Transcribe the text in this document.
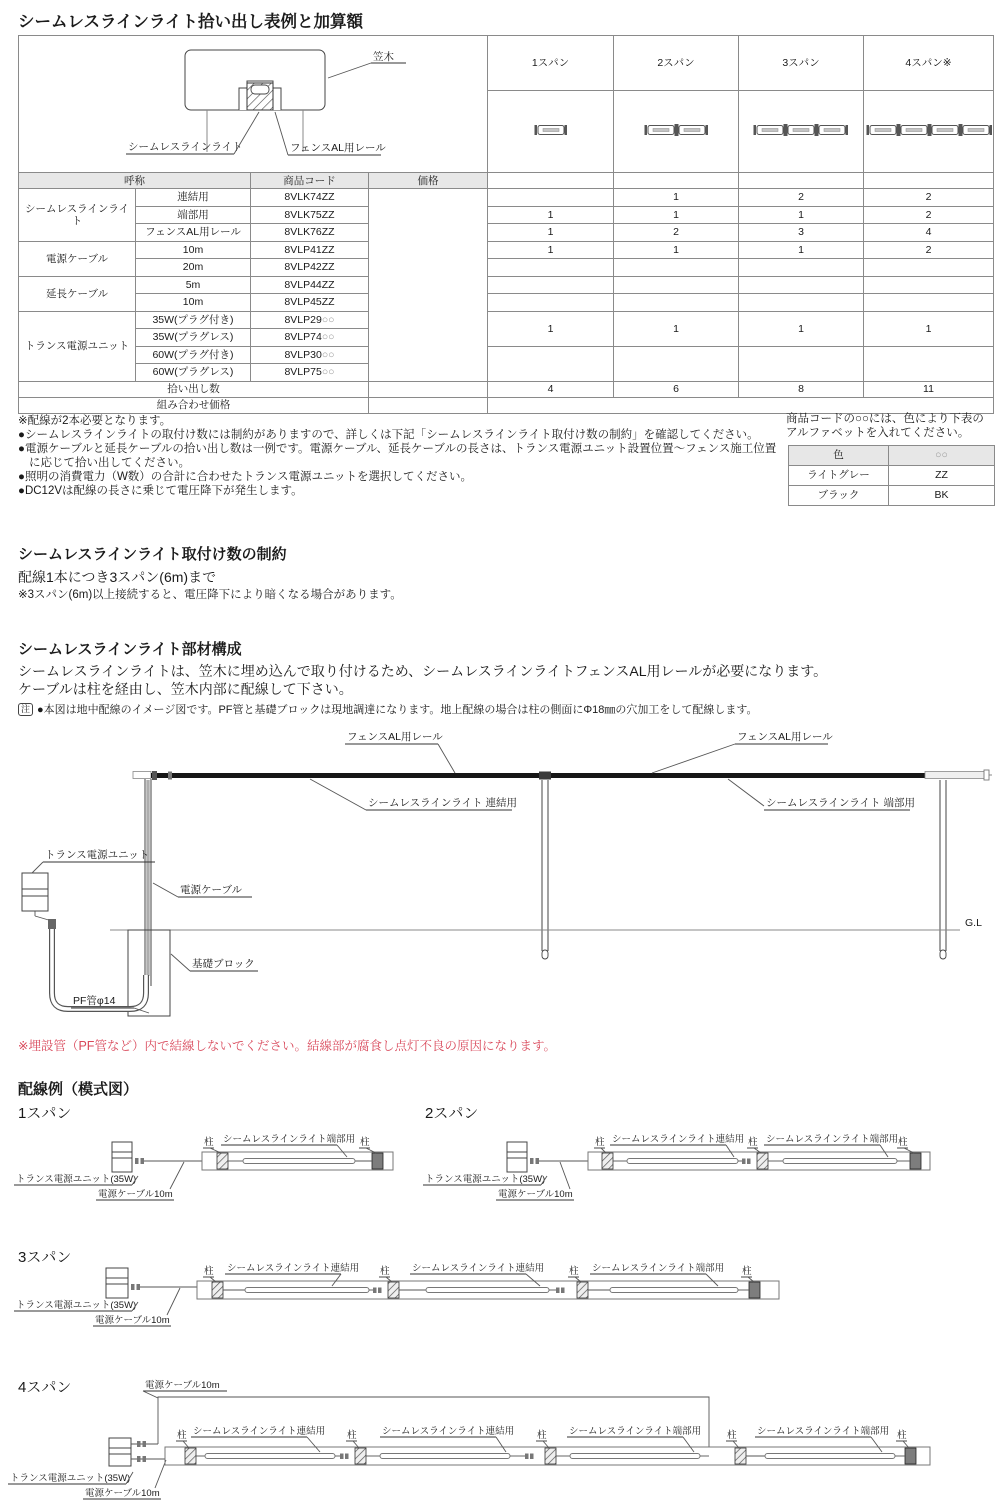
シームレスラインライト拾い出し表例と加算額
笠木
シームレスラインライト フェンスAL用レール				1スパン	2スパン	3スパン	4スパン※

呼称		商品コード	価格				
シームレスラインライト	連結用	8VLK74ZZ			1	2	2
	端部用	8VLK75ZZ		1	1	1	2
	フェンスAL用レール	8VLK76ZZ		1	2	3	4
電源ケーブル	10m	8VLP41ZZ		1	1	1	2
	20m	8VLP42ZZ					
延長ケーブル	5m	8VLP44ZZ					
	10m	8VLP45ZZ					
トランス電源ユニット	35W(プラグ付き)	8VLP29○○		1	1	1	1
	35W(プラグレス)	8VLP74○○					
	60W(プラグ付き)	8VLP30○○					
	60W(プラグレス)	8VLP75○○					
拾い出し数				4	6	8	11
組み合わせ価格							
※配線が2本必要となります。
●シームレスラインライトの取付け数には制約がありますので、詳しくは下記「シームレスラインライト取付け数の制約」を確認してください。
●電源ケーブルと延長ケーブルの拾い出し数は一例です。電源ケーブル、延長ケーブルの長さは、トランス電源ユニット設置位置～フェンス施工位置に応じて拾い出してください。
●照明の消費電力（W数）の合計に合わせたトランス電源ユニットを選択してください。
●DC12Vは配線の長さに乗じて電圧降下が発生します。
商品コードの○○には、色により下表の
アルファベットを入れてください。
色	○○
ライトグレー	ZZ
ブラック	BK
シームレスラインライト取付け数の制約
配線1本につき3スパン(6m)まで
※3スパン(6m)以上接続すると、電圧降下により暗くなる場合があります。
シームレスラインライト部材構成
シームレスラインライトは、笠木に埋め込んで取り付けるため、シームレスラインライトフェンスAL用レールが必要になります。
ケーブルは柱を経由し、笠木内部に配線して下さい。
注 ●本図は地中配線のイメージ図です。PF管と基礎ブロックは現地調達になります。地上配線の場合は柱の側面にΦ18㎜の穴加工をして配線します。
G.L
フェンスAL用レール	フェンスAL用レール
シームレスラインライト 連結用	シームレスラインライト 端部用
トランス電源ユニット
電源ケーブル
基礎ブロック
PF管φ14
※埋設管（PF管など）内で結線しないでください。結線部が腐食し点灯不良の原因になります。
配線例（模式図）
1スパン
トランス電源ユニット(35W)
電源ケーブル10m
柱	柱
シームレスラインライト端部用
2スパン
トランス電源ユニット(35W)
電源ケーブル10m
柱	柱	柱
シームレスラインライト連結用 シームレスラインライト端部用
3スパン
トランス電源ユニット(35W)
電源ケーブル10m
柱	柱	柱	柱
シームレスラインライト連結用	シームレスラインライト連結用	シームレスラインライト端部用
4スパン	電源ケーブル10m
トランス電源ユニット(35W)
電源ケーブル10m
柱	柱	柱	柱	柱
シームレスラインライト連結用	シームレスラインライト連結用	シームレスラインライト端部用	シームレスラインライト端部用
